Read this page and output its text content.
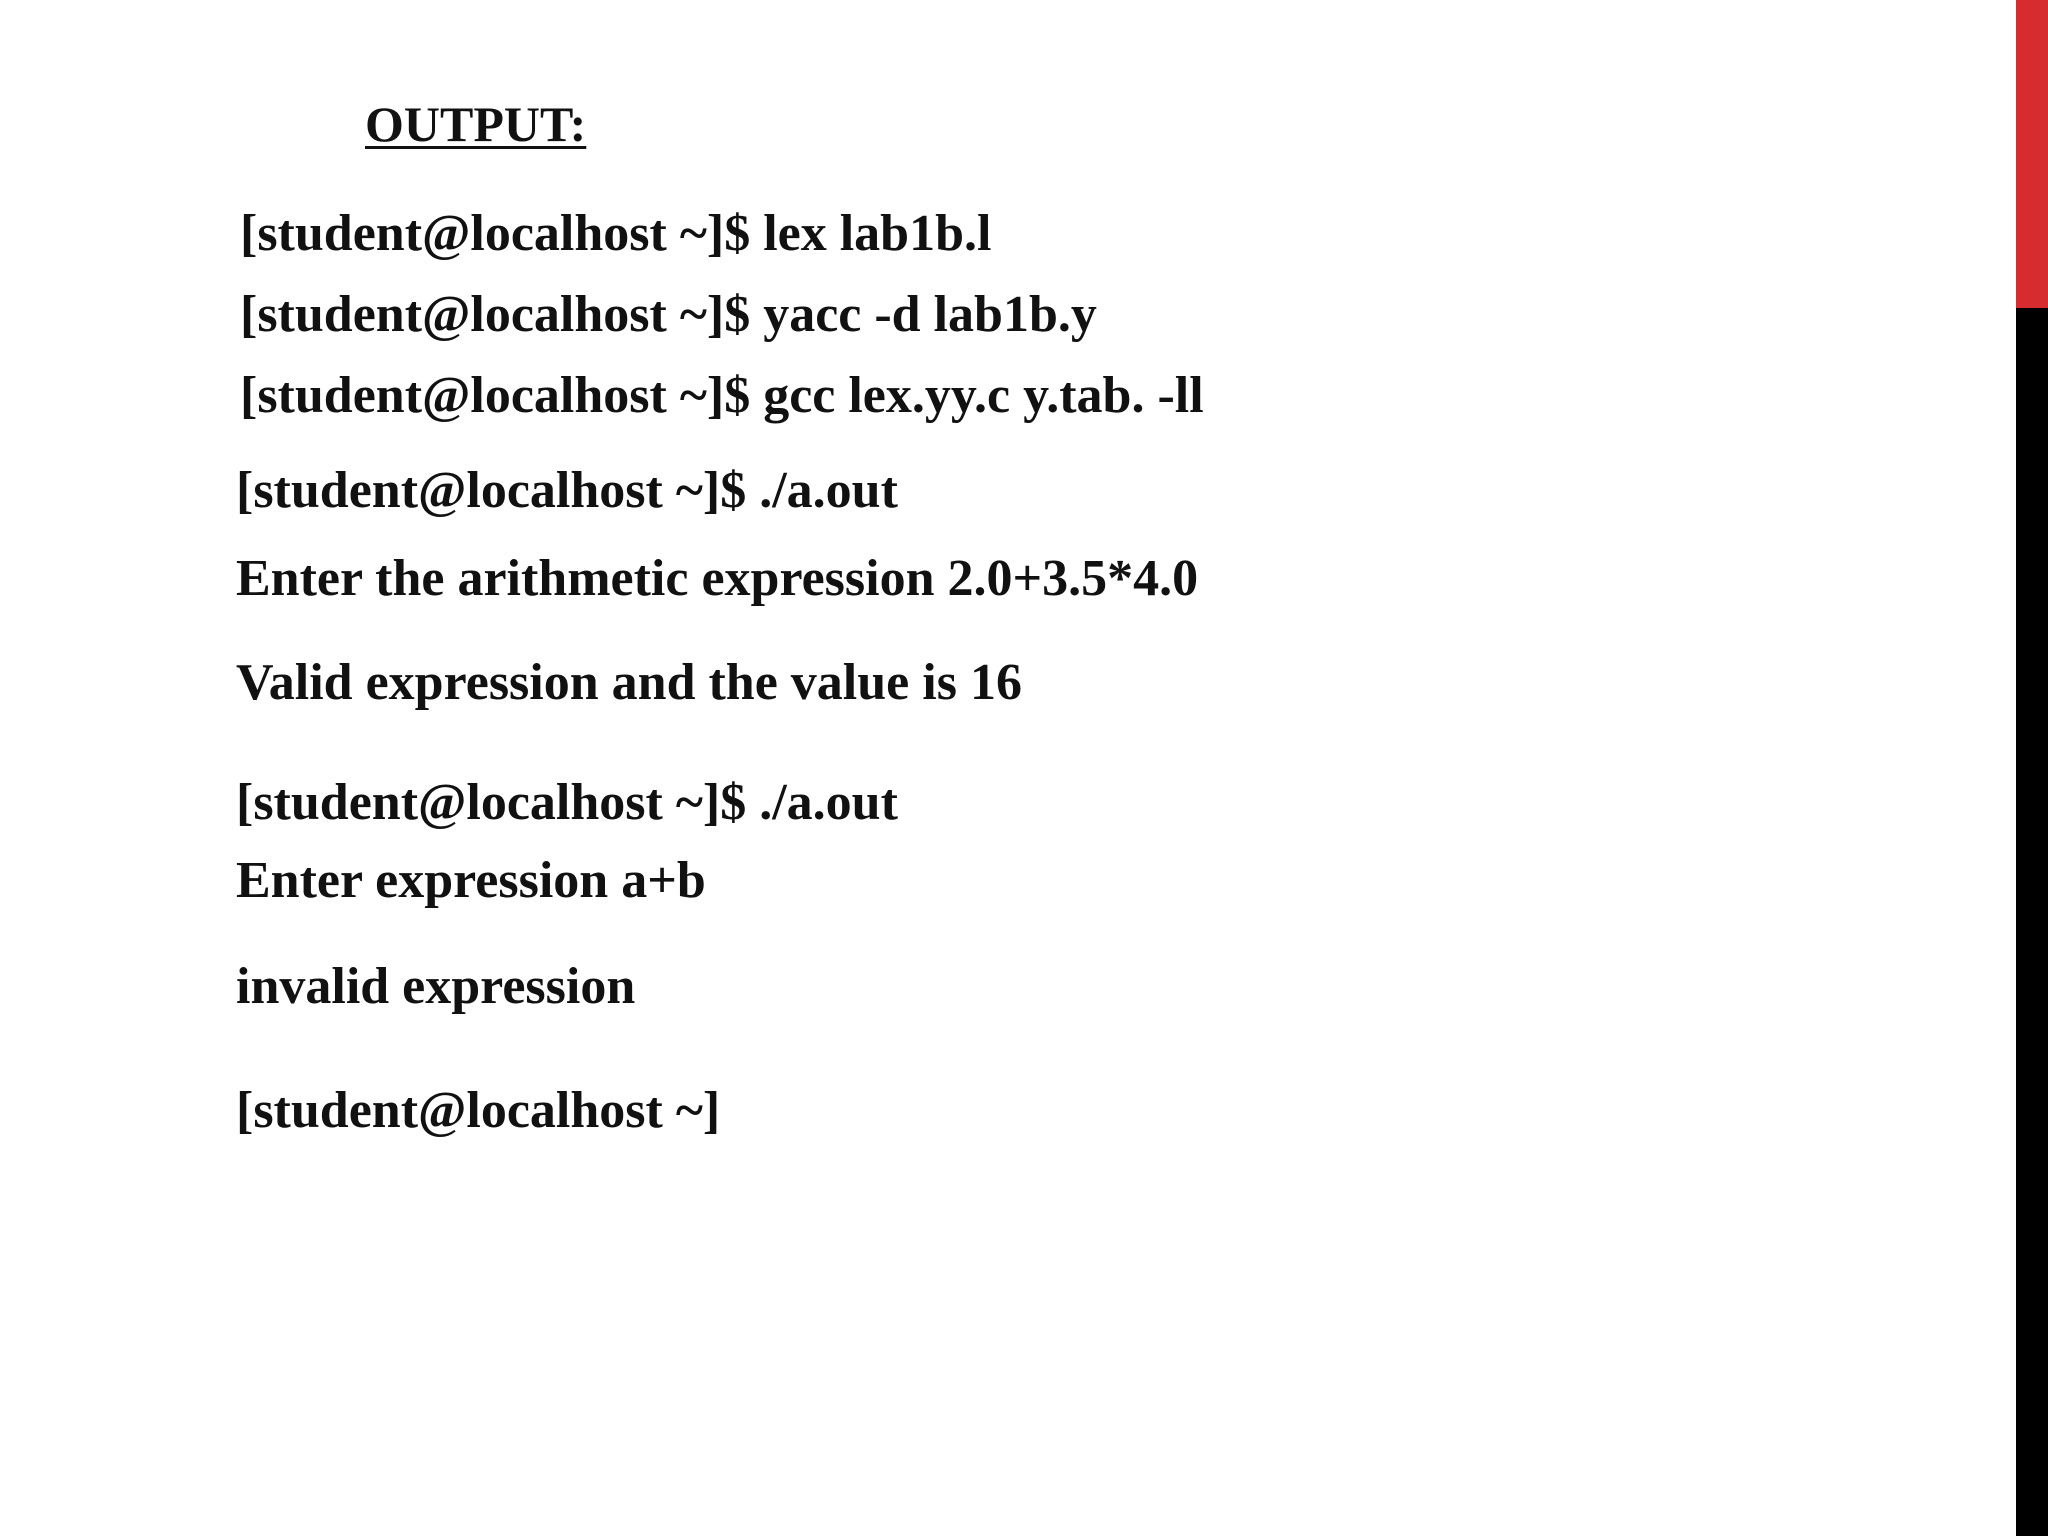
OUTPUT:
[student@localhost ~]$ lex lab1b.l
[student@localhost ~]$ yacc -d lab1b.y
[student@localhost ~]$ gcc lex.yy.c y.tab. -ll
[student@localhost ~]$ ./a.out
Enter the arithmetic expression 2.0+3.5*4.0
Valid expression and the value is 16
[student@localhost ~]$ ./a.out
Enter expression a+b
invalid expression
[student@localhost ~]
